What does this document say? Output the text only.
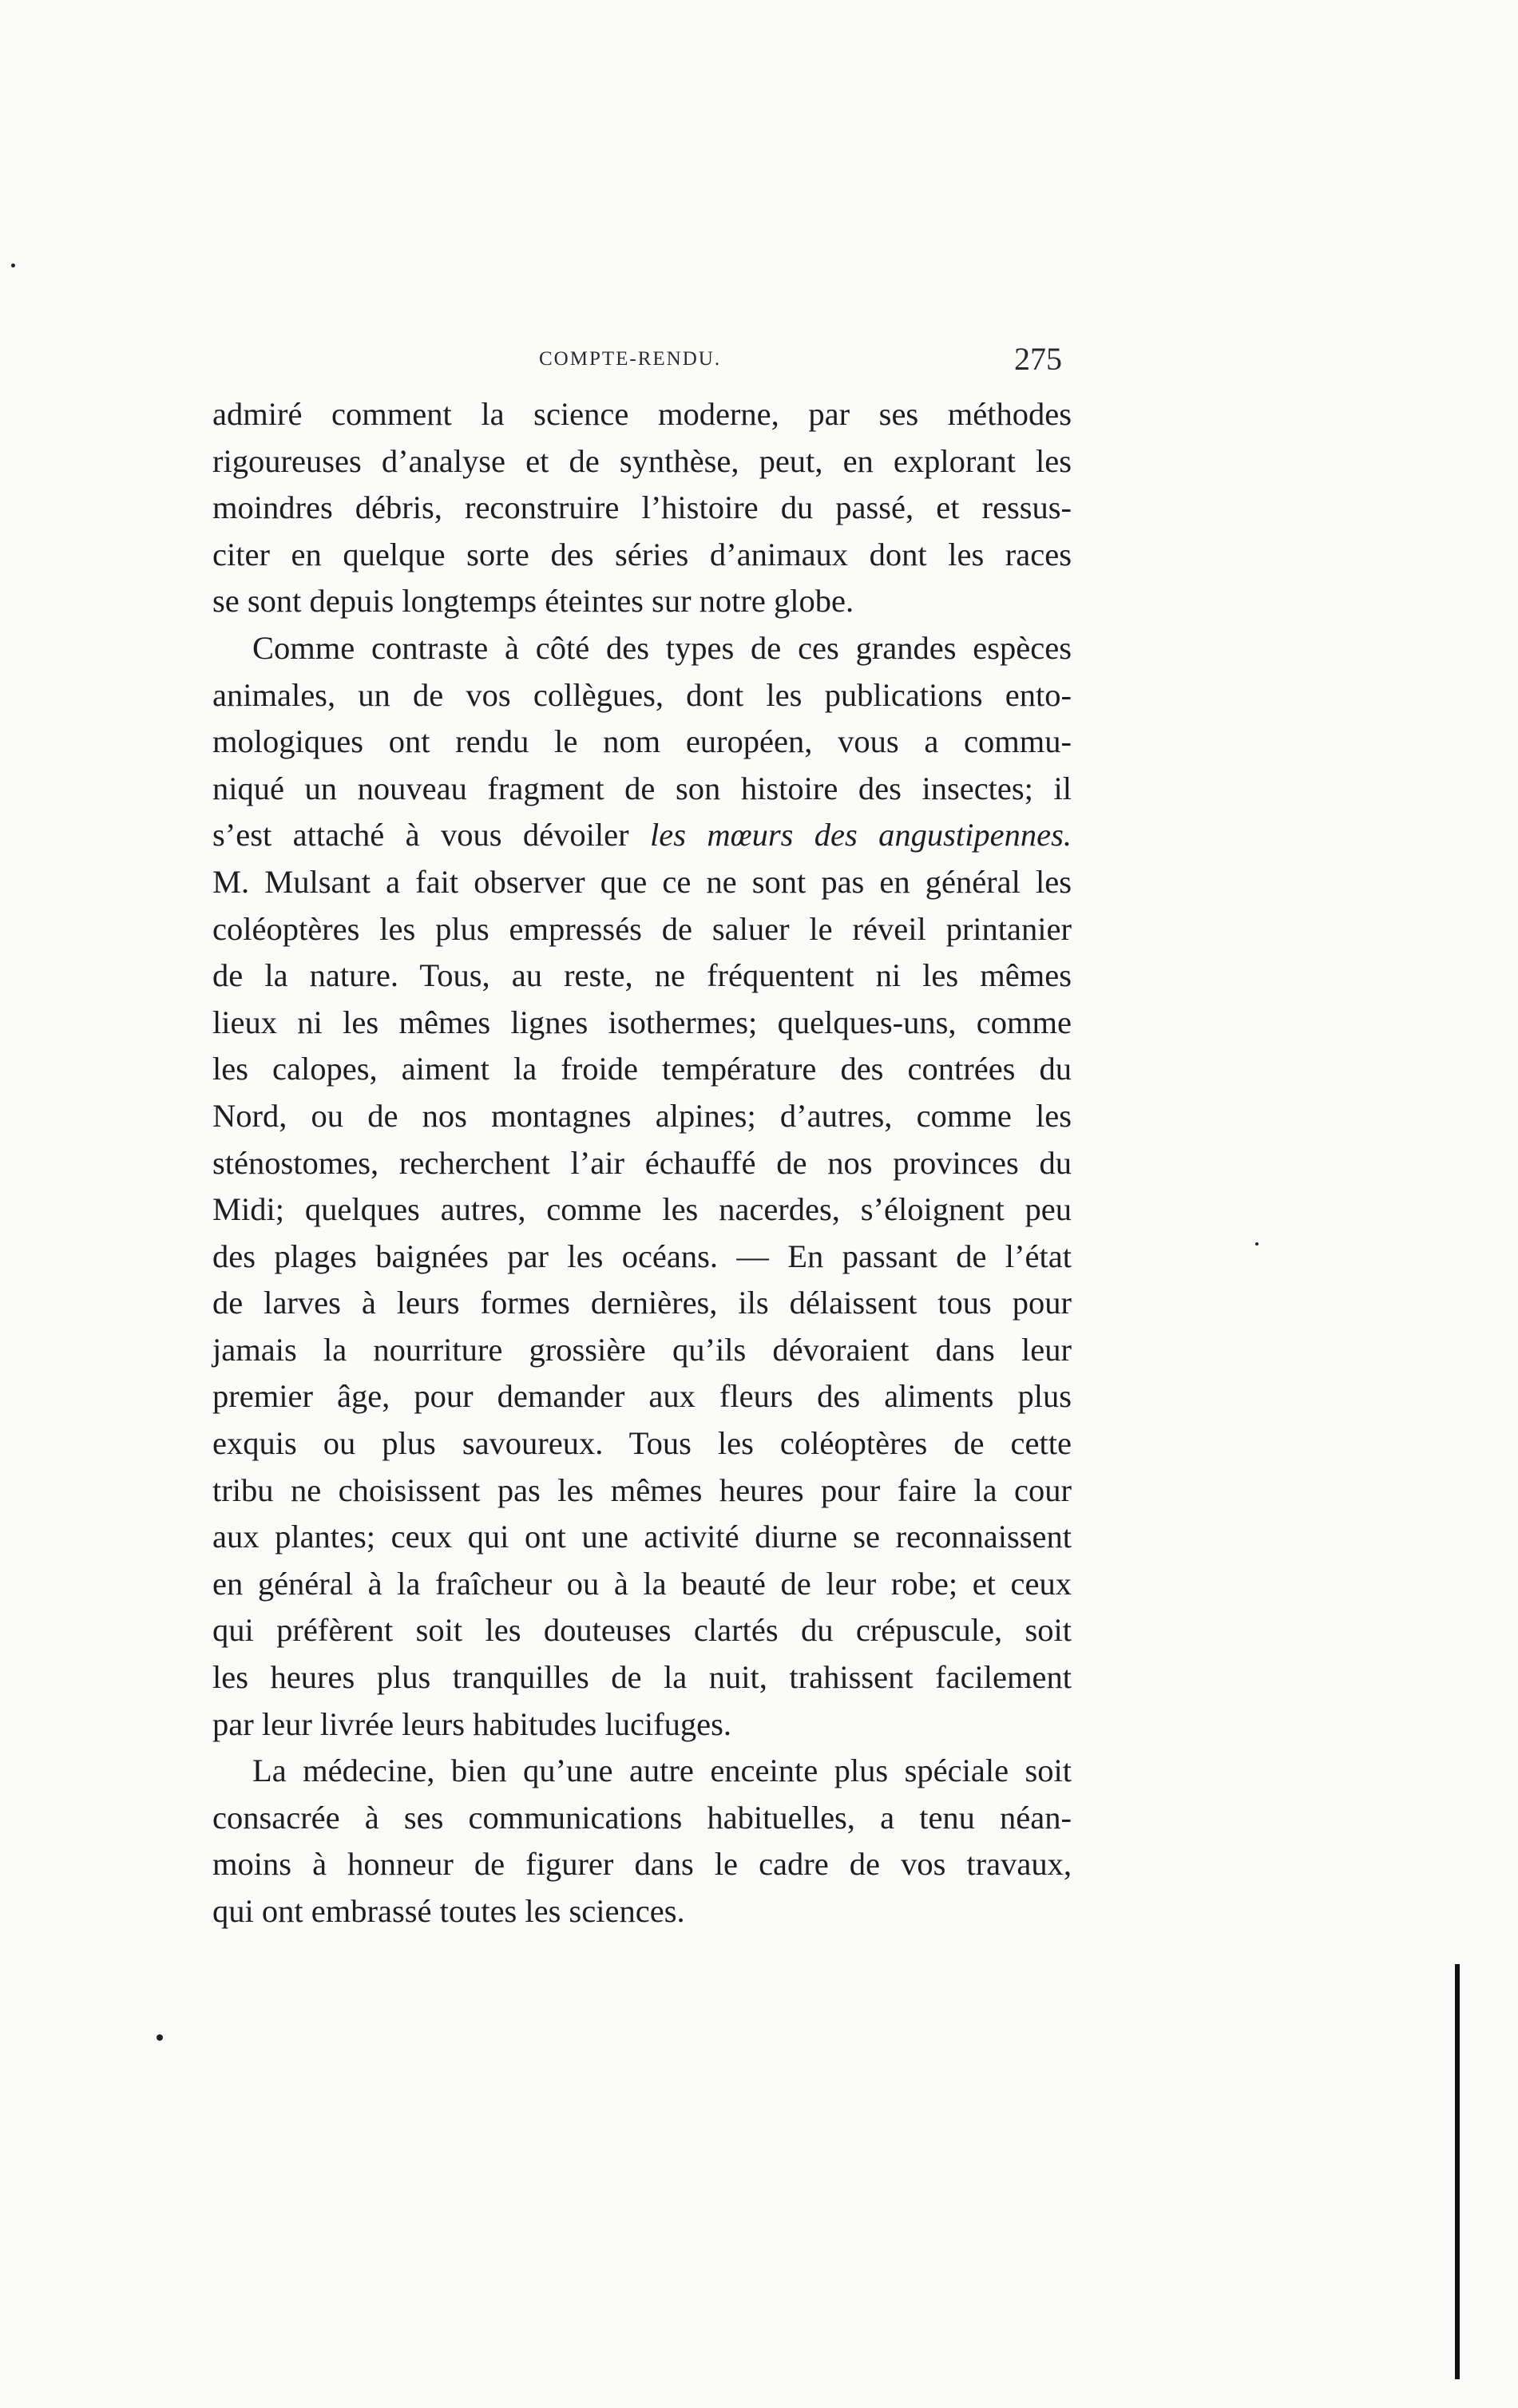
COMPTE-RENDU.	275

admiré comment la science moderne, par ses méthodes
rigoureuses d’analyse et de synthèse, peut, en explorant les
moindres débris, reconstruire l’histoire du passé, et ressus-
citer en quelque sorte des séries d’animaux dont les races
se sont depuis longtemps éteintes sur notre globe.

Comme contraste à côté des types de ces grandes espèces
animales, un de vos collègues, dont les publications ento-
mologiques ont rendu le nom européen, vous a commu-
niqué un nouveau fragment de son histoire des insectes; il
s’est attaché à vous dévoiler les mœurs des angustipennes.
M. Mulsant a fait observer que ce ne sont pas en général les
coléoptères les plus empressés de saluer le réveil printanier
de la nature. Tous, au reste, ne fréquentent ni les mêmes
lieux ni les mêmes lignes isothermes; quelques-uns, comme
les calopes, aiment la froide température des contrées du
Nord, ou de nos montagnes alpines; d’autres, comme les
sténostomes, recherchent l’air échauffé de nos provinces du
Midi; quelques autres, comme les nacerdes, s’éloignent peu
des plages baignées par les océans. — En passant de l’état
de larves à leurs formes dernières, ils délaissent tous pour
jamais la nourriture grossière qu’ils dévoraient dans leur
premier âge, pour demander aux fleurs des aliments plus
exquis ou plus savoureux. Tous les coléoptères de cette
tribu ne choisissent pas les mêmes heures pour faire la cour
aux plantes; ceux qui ont une activité diurne se reconnaissent
en général à la fraîcheur ou à la beauté de leur robe; et ceux
qui préfèrent soit les douteuses clartés du crépuscule, soit
les heures plus tranquilles de la nuit, trahissent facilement
par leur livrée leurs habitudes lucifuges.

La médecine, bien qu’une autre enceinte plus spéciale soit
consacrée à ses communications habituelles, a tenu néan-
moins à honneur de figurer dans le cadre de vos travaux,
qui ont embrassé toutes les sciences.
